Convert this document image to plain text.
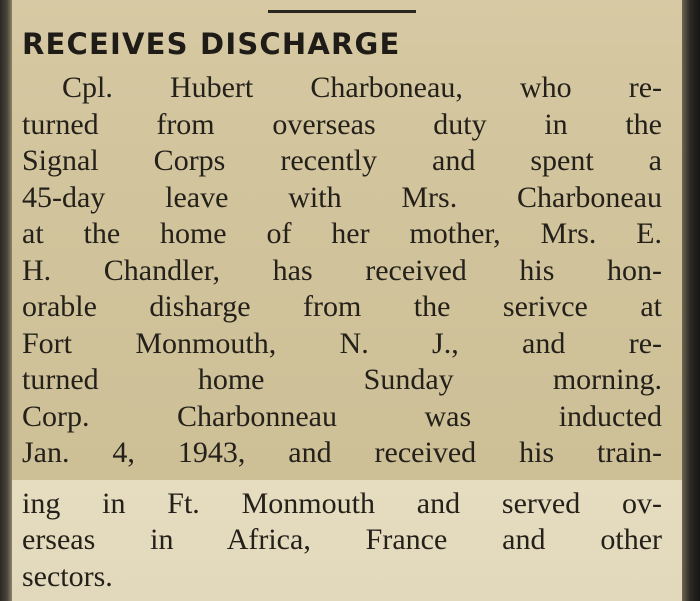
RECEIVES DISCHARGE
Cpl. Hubert Charboneau, who re-
turned from overseas duty in the
Signal Corps recently and spent a
45-day leave with Mrs. Charboneau
at the home of her mother, Mrs. E.
H. Chandler, has received his hon-
orable disharge from the serivce at
Fort Monmouth, N. J., and re-
turned home Sunday morning.
Corp. Charbonneau was inducted
Jan. 4, 1943, and received his train-
ing in Ft. Monmouth and served ov-
erseas in Africa, France and other
sectors.
